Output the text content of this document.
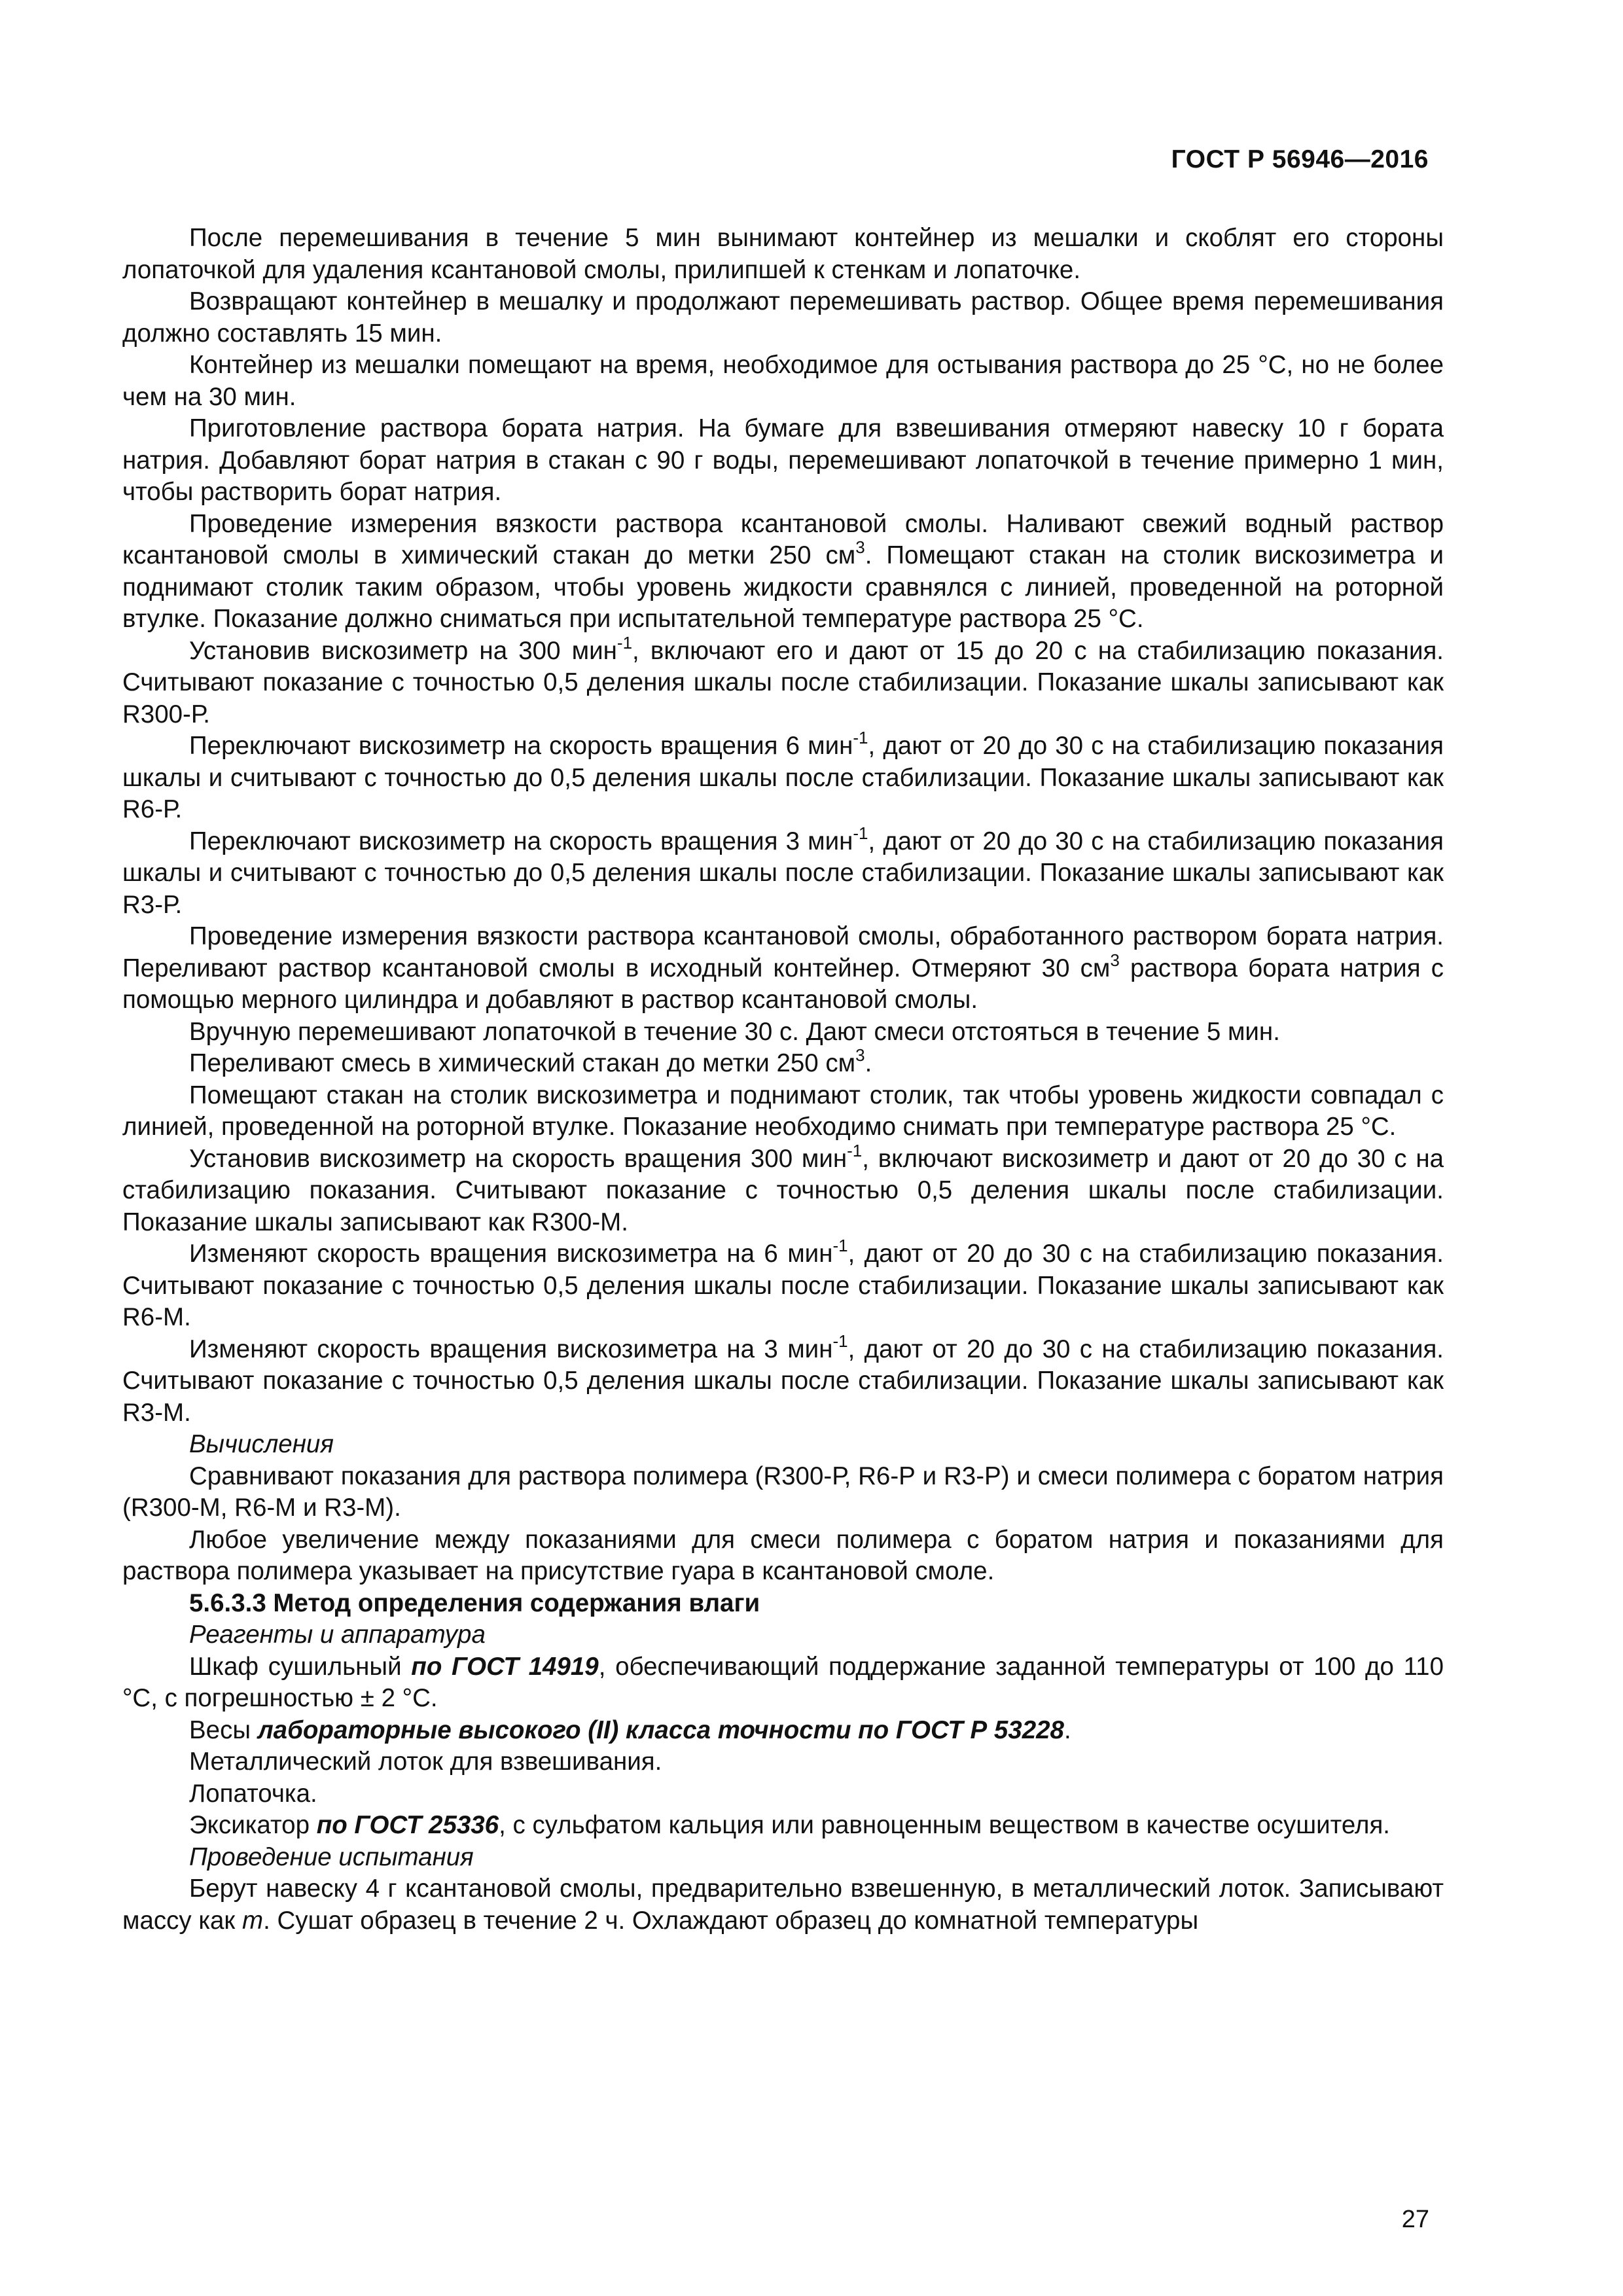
ГОСТ Р 56946—2016

После перемешивания в течение 5 мин вынимают контейнер из мешалки и скоблят его стороны лопаточкой для удаления ксантановой смолы, прилипшей к стенкам и лопаточке.

Возвращают контейнер в мешалку и продолжают перемешивать раствор. Общее время перемешивания должно составлять 15 мин.

Контейнер из мешалки помещают на время, необходимое для остывания раствора до 25 °С, но не более чем на 30 мин.

Приготовление раствора бората натрия. На бумаге для взвешивания отмеряют навеску 10 г бората натрия. Добавляют борат натрия в стакан с 90 г воды, перемешивают лопаточкой в течение примерно 1 мин, чтобы растворить борат натрия.

Проведение измерения вязкости раствора ксантановой смолы. Наливают свежий водный раствор ксантановой смолы в химический стакан до метки 250 $см^3$. Помещают стакан на столик вискозиметра и поднимают столик таким образом, чтобы уровень жидкости сравнялся с линией, проведенной на роторной втулке. Показание должно сниматься при испытательной температуре раствора 25 °С.

Установив вискозиметр на 300 мин$^{-1}$, включают его и дают от 15 до 20 с на стабилизацию показания. Считывают показание с точностью 0,5 деления шкалы после стабилизации. Показание шкалы записывают как R300-Р.

Переключают вискозиметр на скорость вращения 6 мин$^{-1}$, дают от 20 до 30 с на стабилизацию показания шкалы и считывают с точностью до 0,5 деления шкалы после стабилизации. Показание шкалы записывают как R6-Р.

Переключают вискозиметр на скорость вращения 3 мин$^{-1}$, дают от 20 до 30 с на стабилизацию показания шкалы и считывают с точностью до 0,5 деления шкалы после стабилизации. Показание шкалы записывают как R3-Р.

Проведение измерения вязкости раствора ксантановой смолы, обработанного раствором бората натрия. Переливают раствор ксантановой смолы в исходный контейнер. Отмеряют 30 $см^3$ раствора бората натрия с помощью мерного цилиндра и добавляют в раствор ксантановой смолы.

Вручную перемешивают лопаточкой в течение 30 с. Дают смеси отстояться в течение 5 мин.

Переливают смесь в химический стакан до метки 250 $см^3$.

Помещают стакан на столик вискозиметра и поднимают столик, так чтобы уровень жидкости совпадал с линией, проведенной на роторной втулке. Показание необходимо снимать при температуре раствора 25 °С.

Установив вискозиметр на скорость вращения 300 мин$^{-1}$, включают вискозиметр и дают от 20 до 30 с на стабилизацию показания. Считывают показание с точностью 0,5 деления шкалы после стабилизации. Показание шкалы записывают как R300-М.

Изменяют скорость вращения вискозиметра на 6 мин$^{-1}$, дают от 20 до 30 с на стабилизацию показания. Считывают показание с точностью 0,5 деления шкалы после стабилизации. Показание шкалы записывают как R6-М.

Изменяют скорость вращения вискозиметра на 3 мин$^{-1}$, дают от 20 до 30 с на стабилизацию показания. Считывают показание с точностью 0,5 деления шкалы после стабилизации. Показание шкалы записывают как R3-М.

Вычисления

Сравнивают показания для раствора полимера (R300-Р, R6-Р и R3-Р) и смеси полимера с боратом натрия (R300-М, R6-М и R3-М).

Любое увеличение между показаниями для смеси полимера с боратом натрия и показаниями для раствора полимера указывает на присутствие гуара в ксантановой смоле.

5.6.3.3 Метод определения содержания влаги

Реагенты и аппаратура

Шкаф сушильный по ГОСТ 14919, обеспечивающий поддержание заданной температуры от 100 до 110 °С, с погрешностью ± 2 °С.

Весы лабораторные высокого (II) класса точности по ГОСТ Р 53228.

Металлический лоток для взвешивания.

Лопаточка.

Эксикатор по ГОСТ 25336, с сульфатом кальция или равноценным веществом в качестве осушителя.

Проведение испытания

Берут навеску 4 г ксантановой смолы, предварительно взвешенную, в металлический лоток. Записывают массу как m. Сушат образец в течение 2 ч. Охлаждают образец до комнатной температуры

27
